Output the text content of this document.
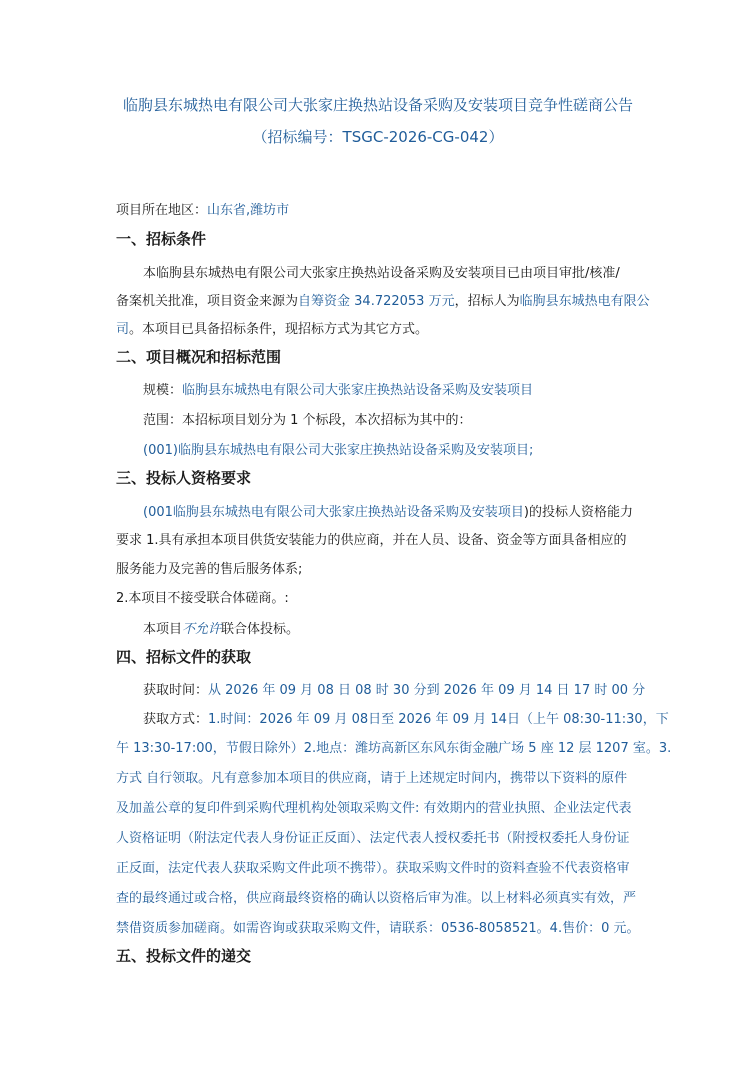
临朐县东城热电有限公司大张家庄换热站设备采购及安装项目竞争性磋商公告
（招标编号：TSGC-2026-CG-042）
项目所在地区：山东省,潍坊市
一、招标条件
本临朐县东城热电有限公司大张家庄换热站设备采购及安装项目已由项目审批/核准/
备案机关批准，项目资金来源为自筹资金 34.722053 万元，招标人为临朐县东城热电有限公
司。本项目已具备招标条件，现招标方式为其它方式。
二、项目概况和招标范围
规模：临朐县东城热电有限公司大张家庄换热站设备采购及安装项目
范围：本招标项目划分为 1 个标段，本次招标为其中的：
(001)临朐县东城热电有限公司大张家庄换热站设备采购及安装项目;
三、投标人资格要求
(001临朐县东城热电有限公司大张家庄换热站设备采购及安装项目)的投标人资格能力
要求 1.具有承担本项目供货安装能力的供应商，并在人员、设备、资金等方面具备相应的
服务能力及完善的售后服务体系;
2.本项目不接受联合体磋商。:
本项目不允许联合体投标。
四、招标文件的获取
获取时间：从 2026 年 09 月 08 日 08 时 30 分到 2026 年 09 月 14 日 17 时 00 分
获取方式：1.时间：2026 年 09 月 08日至 2026 年 09 月 14日（上午 08:30-11:30，下
午 13:30-17:00，节假日除外）2.地点：潍坊高新区东风东街金融广场 5 座 12 层 1207 室。3.
方式 自行领取。凡有意参加本项目的供应商，请于上述规定时间内，携带以下资料的原件
及加盖公章的复印件到采购代理机构处领取采购文件: 有效期内的营业执照、企业法定代表
人资格证明（附法定代表人身份证正反面）、法定代表人授权委托书（附授权委托人身份证
正反面，法定代表人获取采购文件此项不携带）。获取采购文件时的资料查验不代表资格审
查的最终通过或合格，供应商最终资格的确认以资格后审为准。以上材料必须真实有效，严
禁借资质参加磋商。如需咨询或获取采购文件，请联系：0536-8058521。4.售价：0 元。
五、投标文件的递交
